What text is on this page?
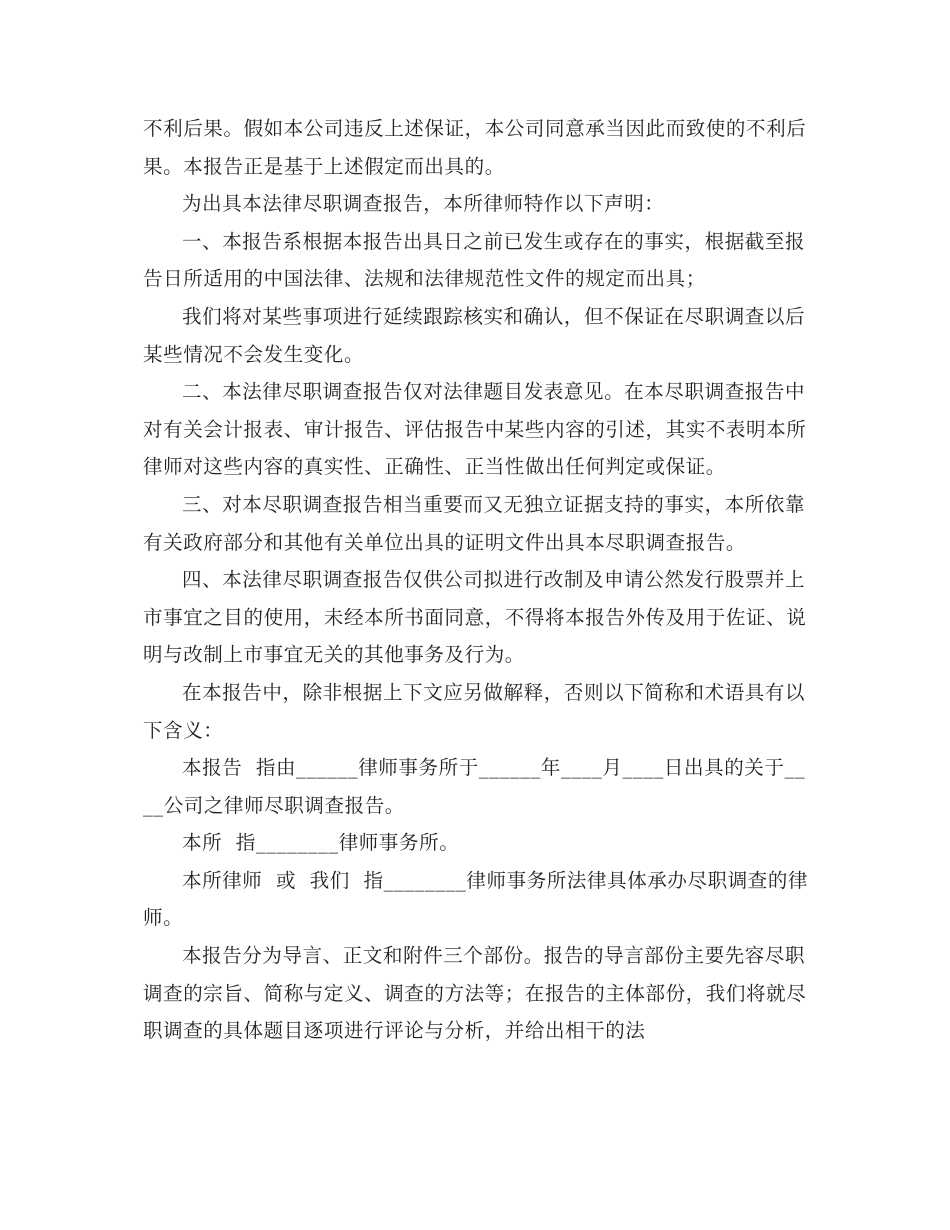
不利后果。假如本公司违反上述保证，本公司同意承当因此而致使的不利后果。本报告正是基于上述假定而出具的。

为出具本法律尽职调查报告，本所律师特作以下声明：

一、本报告系根据本报告出具日之前已发生或存在的事实，根据截至报告日所适用的中国法律、法规和法律规范性文件的规定而出具；

我们将对某些事项进行延续跟踪核实和确认，但不保证在尽职调查以后某些情况不会发生变化。

二、本法律尽职调查报告仅对法律题目发表意见。在本尽职调查报告中对有关会计报表、审计报告、评估报告中某些内容的引述，其实不表明本所律师对这些内容的真实性、正确性、正当性做出任何判定或保证。

三、对本尽职调查报告相当重要而又无独立证据支持的事实，本所依靠有关政府部分和其他有关单位出具的证明文件出具本尽职调查报告。

四、本法律尽职调查报告仅供公司拟进行改制及申请公然发行股票并上市事宜之目的使用，未经本所书面同意，不得将本报告外传及用于佐证、说明与改制上市事宜无关的其他事务及行为。

在本报告中，除非根据上下文应另做解释，否则以下简称和术语具有以下含义：

本报告  指由______律师事务所于______年____月____日出具的关于____公司之律师尽职调查报告。

本所  指________律师事务所。

本所律师  或  我们  指________律师事务所法律具体承办尽职调查的律师。

本报告分为导言、正文和附件三个部份。报告的导言部份主要先容尽职调查的宗旨、简称与定义、调查的方法等；在报告的主体部份，我们将就尽职调查的具体题目逐项进行评论与分析，并给出相干的法
